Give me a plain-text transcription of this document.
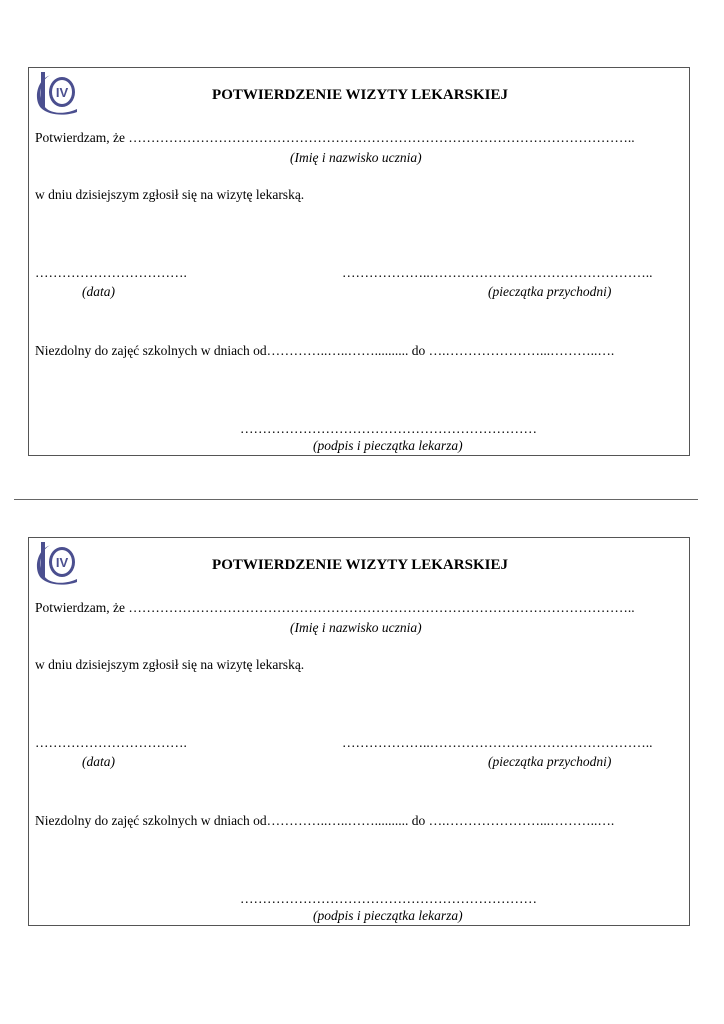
IV	POTWIERDZENIE WIZYTY LEKARSKIEJ
Potwierdzam, że …………………………………………………………………………………………………..
(Imię i nazwisko ucznia)
w dniu dzisiejszym zgłosił się na wizytę lekarską.
…………………………….	………………..…………………………………………..
(data)	(pieczątka przychodni)
Niezdolny do zajęć szkolnych w dniach od…………..…..…….......... do ….…………………...………..….
…………………………………………………………
(podpis i pieczątka lekarza)
IV	POTWIERDZENIE WIZYTY LEKARSKIEJ
Potwierdzam, że …………………………………………………………………………………………………..
(Imię i nazwisko ucznia)
w dniu dzisiejszym zgłosił się na wizytę lekarską.
…………………………….	………………..…………………………………………..
(data)	(pieczątka przychodni)
Niezdolny do zajęć szkolnych w dniach od…………..…..…….......... do ….…………………...………..….
…………………………………………………………
(podpis i pieczątka lekarza)
